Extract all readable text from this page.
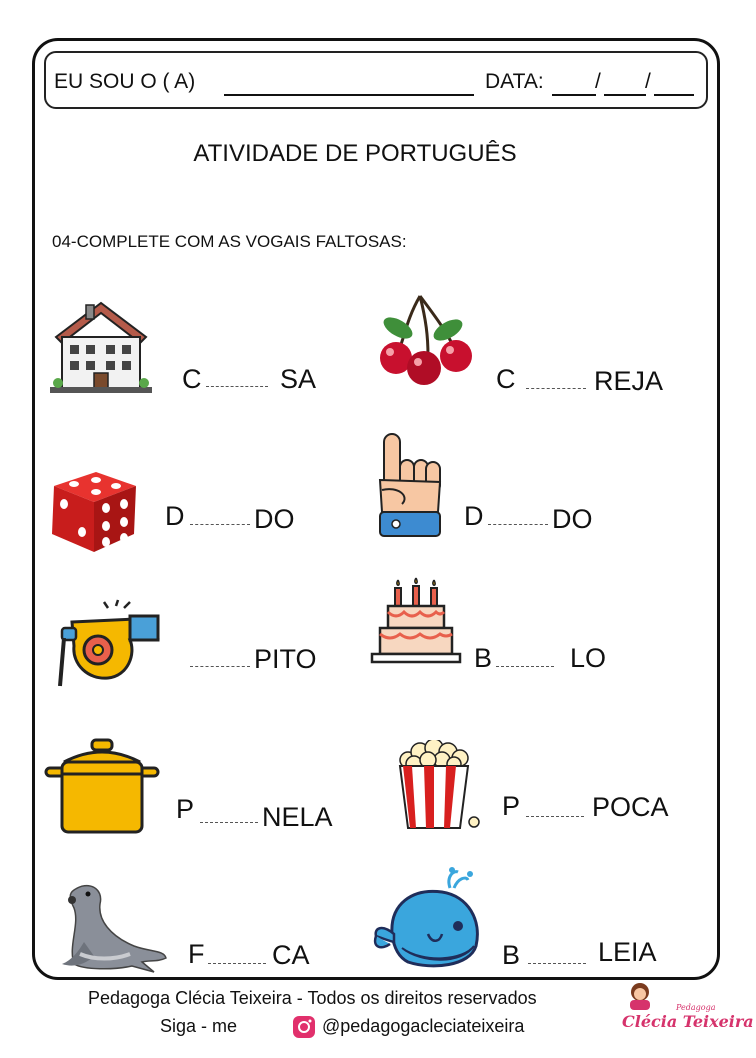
EU SOU O ( A)	DATA: / /
ATIVIDADE DE PORTUGUÊS
04-COMPLETE COM AS VOGAIS FALTOSAS:
C	SA	C	REJA
D	DO	D	DO
PITO	B	LO
P	NELA	P	POCA
F	CA	B	LEIA
Pedagoga Clécia Teixeira - Todos os direitos reservados
Siga - me	@pedagogacleciateixeira
Pedagoga
Clécia Teixeira
